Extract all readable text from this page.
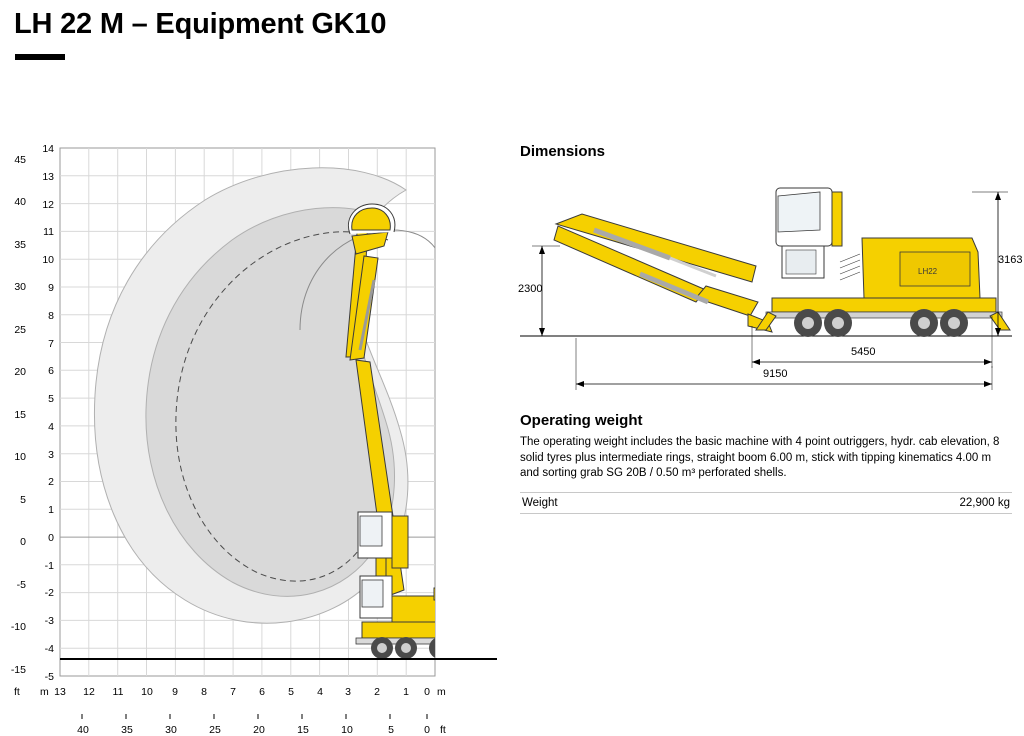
LH 22 M – Equipment GK10
14
13
12
11
10
9
8
7
6
5
4
3
2
1
0
-1
-2
-3
-4
-5
45
40
35
30
25
20
15
10
5
0
-5
-10
-15
ft m 13	12	11	10	9	8	7	6	5	4	3	2	1	0 m
40	35	30	25	20	15	10	5	0 ft
Dimensions
LH22
3163
2300
5450
9150
Operating weight

The operating weight includes the basic machine with 4 point outriggers, hydr. cab elevation, 8 solid tyres plus intermediate rings, straight boom 6.00 m, stick with tipping kinematics 4.00 m and sorting grab SG 20B / 0.50 m³ perforated shells.

Weight	22,900 kg
